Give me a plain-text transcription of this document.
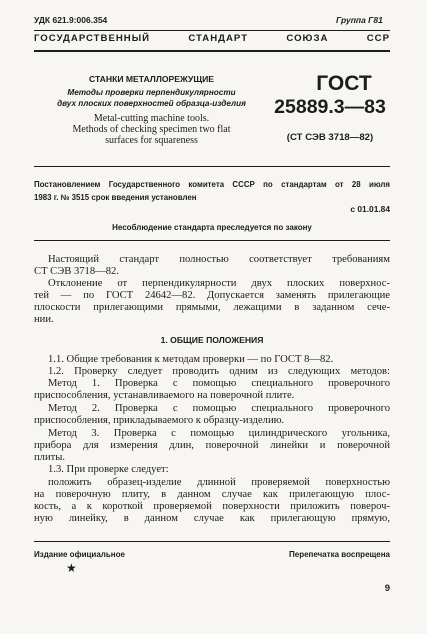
УДК 621.9:006.354	Группа Г81
ГОСУДАРСТВЕННЫЙ СТАНДАРТ СОЮЗА ССР
СТАНКИ МЕТАЛЛОРЕЖУЩИЕ
Методы проверки перпендикулярности
двух плоских поверхностей образца-изделия
Metal-cutting machine tools.
Methods of checking specimen two flat
surfaces for squareness
ГОСТ
25889.3—83
(СТ СЭВ 3718—82)
Постановлением Государственного комитета СССР по стандартам от 28 июля
1983 г. № 3515 срок введения установлен
с 01.01.84
Несоблюдение стандарта преследуется по закону
Настоящий стандарт полностью соответствует требованиям
СТ СЭВ 3718—82.
Отклонение от перпендикулярности двух плоских поверхнос-
тей — по ГОСТ 24642—82. Допускается заменять прилегающие
плоскости прилегающими прямыми, лежащими в заданном сече-
нии.
1. ОБЩИЕ ПОЛОЖЕНИЯ
1.1. Общие требования к методам проверки — по ГОСТ 8—82.
1.2. Проверку следует проводить одним из следующих методов:
Метод 1. Проверка с помощью специального проверочного
приспособления, устанавливаемого на поверочной плите.
Метод 2. Проверка с помощью специального проверочного
приспособления, прикладываемого к образцу-изделию.
Метод 3. Проверка с помощью цилиндрического угольника,
прибора для измерения длин, поверочной линейки и поверочной
плиты.
1.3. При проверке следует:
положить образец-изделие длинной проверяемой поверхностью
на поверочную плиту, в данном случае как прилегающую плос-
кость, а к короткой проверяемой поверхности приложить повероч-
ную линейку, в данном случае как прилегающую прямую,
Издание официальное	Перепечатка воспрещена
★
9
